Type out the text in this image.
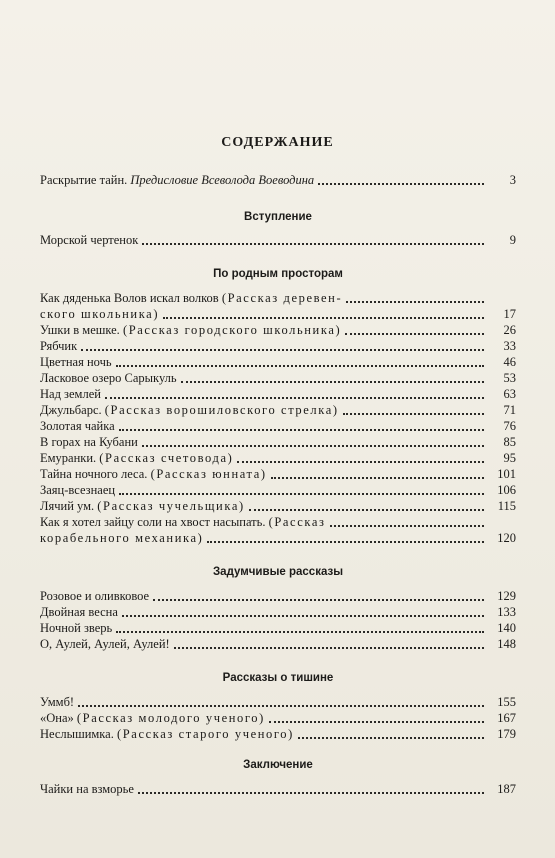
СОДЕРЖАНИЕ
Раскрытие тайн. Предисловие Всеволода Воеводина	3
Вступление
Морской чертенок	9
По родным просторам
Как дяденька Волов искал волков (Рассказ деревен-
ского школьника)	17
Ушки в мешке. (Рассказ городского школьника)	26
Рябчик	33
Цветная ночь	46
Ласковое озеро Сарыкуль	53
Над землей	63
Джульбарс. (Рассказ ворошиловского стрелка)	71
Золотая чайка	76
В горах на Кубани	85
Емуранки. (Рассказ счетовода)	95
Тайна ночного леса. (Рассказ юнната)	101
Заяц-всезнаец	106
Лячий ум. (Рассказ чучельщика)	115
Как я хотел зайцу соли на хвост насыпать. (Рассказ
корабельного механика)	120
Задумчивые рассказы
Розовое и оливковое	129
Двойная весна	133
Ночной зверь	140
О, Аулей, Аулей, Аулей!	148
Рассказы о тишине
Уммб!	155
«Она» (Рассказ молодого ученого)	167
Неслышимка. (Рассказ старого ученого)	179
Заключение
Чайки на взморье	187
